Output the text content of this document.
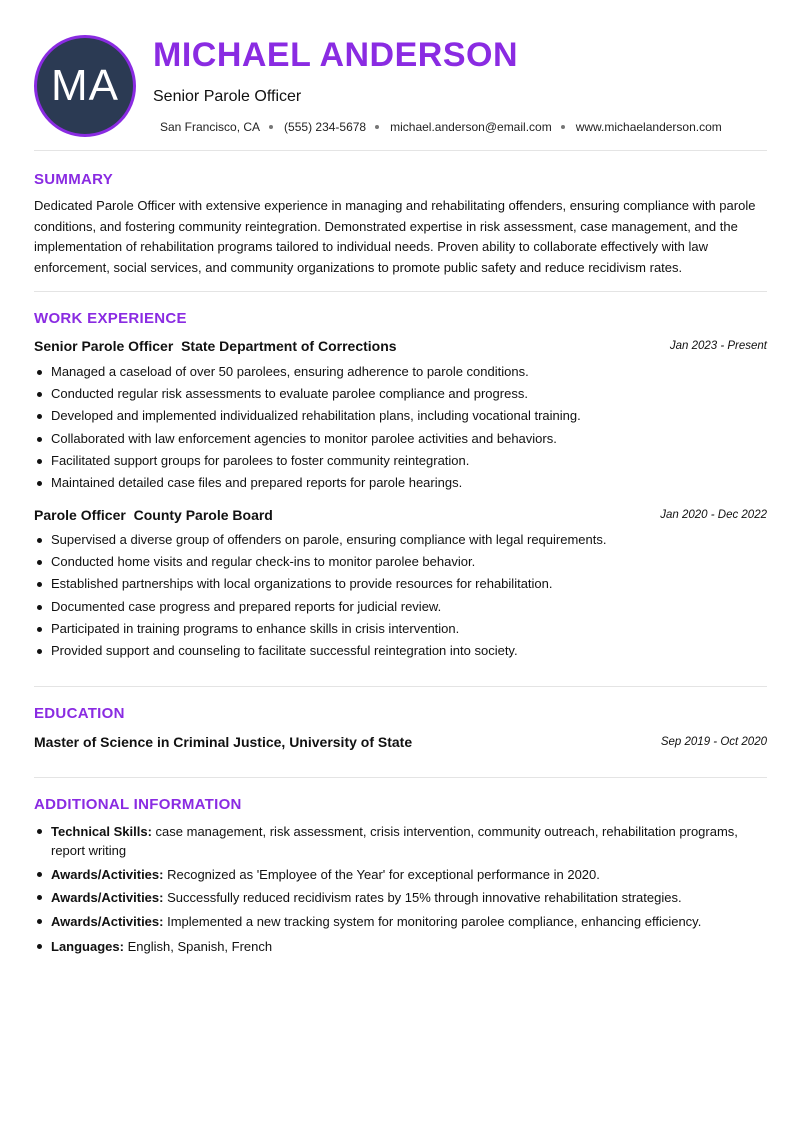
MA
MICHAEL ANDERSON
Senior Parole Officer
San Francisco, CA (555) 234-5678 michael.anderson@email.com www.michaelanderson.com
SUMMARY
Dedicated Parole Officer with extensive experience in managing and rehabilitating offenders, ensuring compliance with parole conditions, and fostering community reintegration. Demonstrated expertise in risk assessment, case management, and the implementation of rehabilitation programs tailored to individual needs. Proven ability to collaborate effectively with law enforcement, social services, and community organizations to promote public safety and reduce recidivism rates.
WORK EXPERIENCE
Senior Parole Officer State Department of Corrections	Jan 2023 - Present
Managed a caseload of over 50 parolees, ensuring adherence to parole conditions.
Conducted regular risk assessments to evaluate parolee compliance and progress.
Developed and implemented individualized rehabilitation plans, including vocational training.
Collaborated with law enforcement agencies to monitor parolee activities and behaviors.
Facilitated support groups for parolees to foster community reintegration.
Maintained detailed case files and prepared reports for parole hearings.
Parole Officer County Parole Board	Jan 2020 - Dec 2022
Supervised a diverse group of offenders on parole, ensuring compliance with legal requirements.
Conducted home visits and regular check-ins to monitor parolee behavior.
Established partnerships with local organizations to provide resources for rehabilitation.
Documented case progress and prepared reports for judicial review.
Participated in training programs to enhance skills in crisis intervention.
Provided support and counseling to facilitate successful reintegration into society.
EDUCATION
Master of Science in Criminal Justice, University of State	Sep 2019 - Oct 2020
ADDITIONAL INFORMATION
Technical Skills: case management, risk assessment, crisis intervention, community outreach, rehabilitation programs, report writing
Awards/Activities: Recognized as 'Employee of the Year' for exceptional performance in 2020.
Awards/Activities: Successfully reduced recidivism rates by 15% through innovative rehabilitation strategies.
Awards/Activities: Implemented a new tracking system for monitoring parolee compliance, enhancing efficiency.
Languages: English, Spanish, French
